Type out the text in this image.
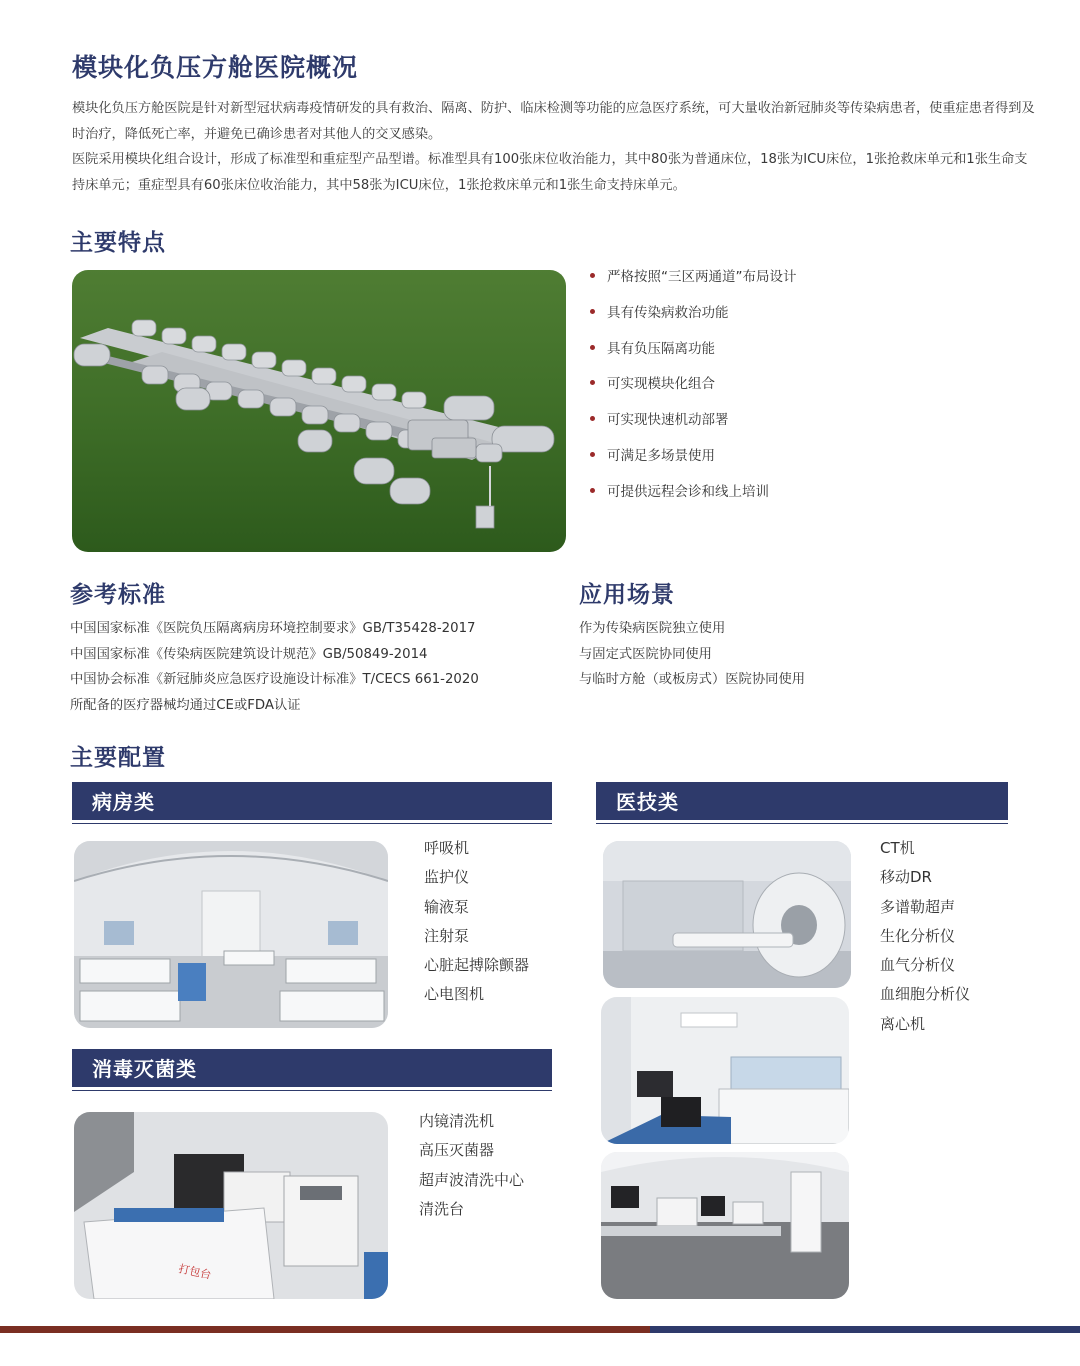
模块化负压方舱医院概况

模块化负压方舱医院是针对新型冠状病毒疫情研发的具有救治、隔离、防护、临床检测等功能的应急医疗系统，可大量收治新冠肺炎等传染病患者，使重症患者得到及时治疗，降低死亡率，并避免已确诊患者对其他人的交叉感染。

医院采用模块化组合设计，形成了标准型和重症型产品型谱。标准型具有100张床位收治能力，其中80张为普通床位，18张为ICU床位，1张抢救床单元和1张生命支持床单元；重症型具有60张床位收治能力，其中58张为ICU床位，1张抢救床单元和1张生命支持床单元。

主要特点
严格按照“三区两通道”布局设计
具有传染病救治功能
具有负压隔离功能
可实现模块化组合
可实现快速机动部署
可满足多场景使用
可提供远程会诊和线上培训
参考标准
中国国家标准《医院负压隔离病房环境控制要求》GB/T35428-2017
中国国家标准《传染病医院建筑设计规范》GB/50849-2014
中国协会标准《新冠肺炎应急医疗设施设计标准》T/CECS 661-2020
所配备的医疗器械均通过CE或FDA认证
应用场景
作为传染病医院独立使用
与固定式医院协同使用
与临时方舱（或板房式）医院协同使用
主要配置
病房类	医技类
呼吸机
监护仪
输液泵
注射泵
心脏起搏除颤器
心电图机
消毒灭菌类
打包台
内镜清洗机
高压灭菌器
超声波清洗中心
清洗台
CT机
移动DR
多谱勒超声
生化分析仪
血气分析仪
血细胞分析仪
离心机
